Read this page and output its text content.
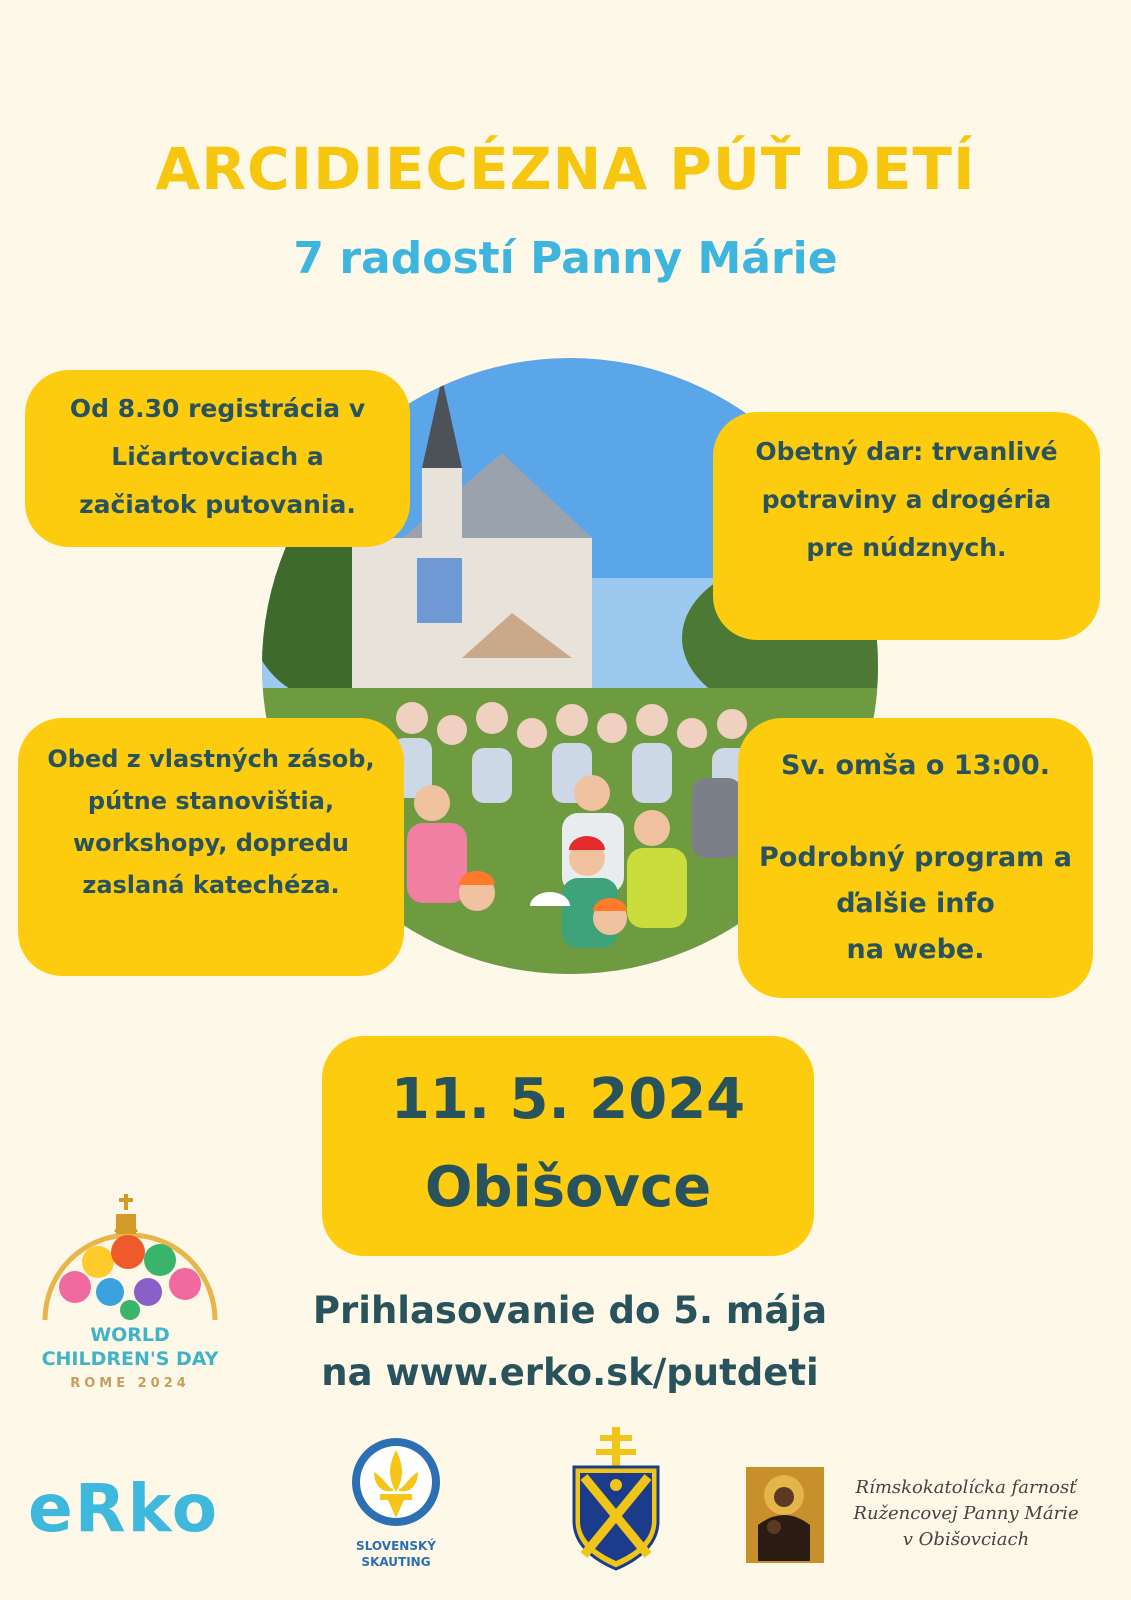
ARCIDIECÉZNA PÚŤ DETÍ
7 radostí Panny Márie
Od 8.30 registrácia v
Ličartovciach a
začiatok putovania.
Obetný dar: trvanlivé
potraviny a drogéria
pre núdznych.
Obed z vlastných zásob,
pútne stanovištia,
workshopy, dopredu
zaslaná katechéza.
Sv. omša o 13:00.
Podrobný program a
ďalšie info
na webe.
11. 5. 2024
Obišovce
Prihlasovanie do 5. mája
na www.erko.sk/putdeti
WORLD
CHILDREN'S DAY
ROME 2024
eRko	SLOVENSKÝ
SKAUTING
Rímskokatolícka farnosť
Ružencovej Panny Márie
v Obišovciach
